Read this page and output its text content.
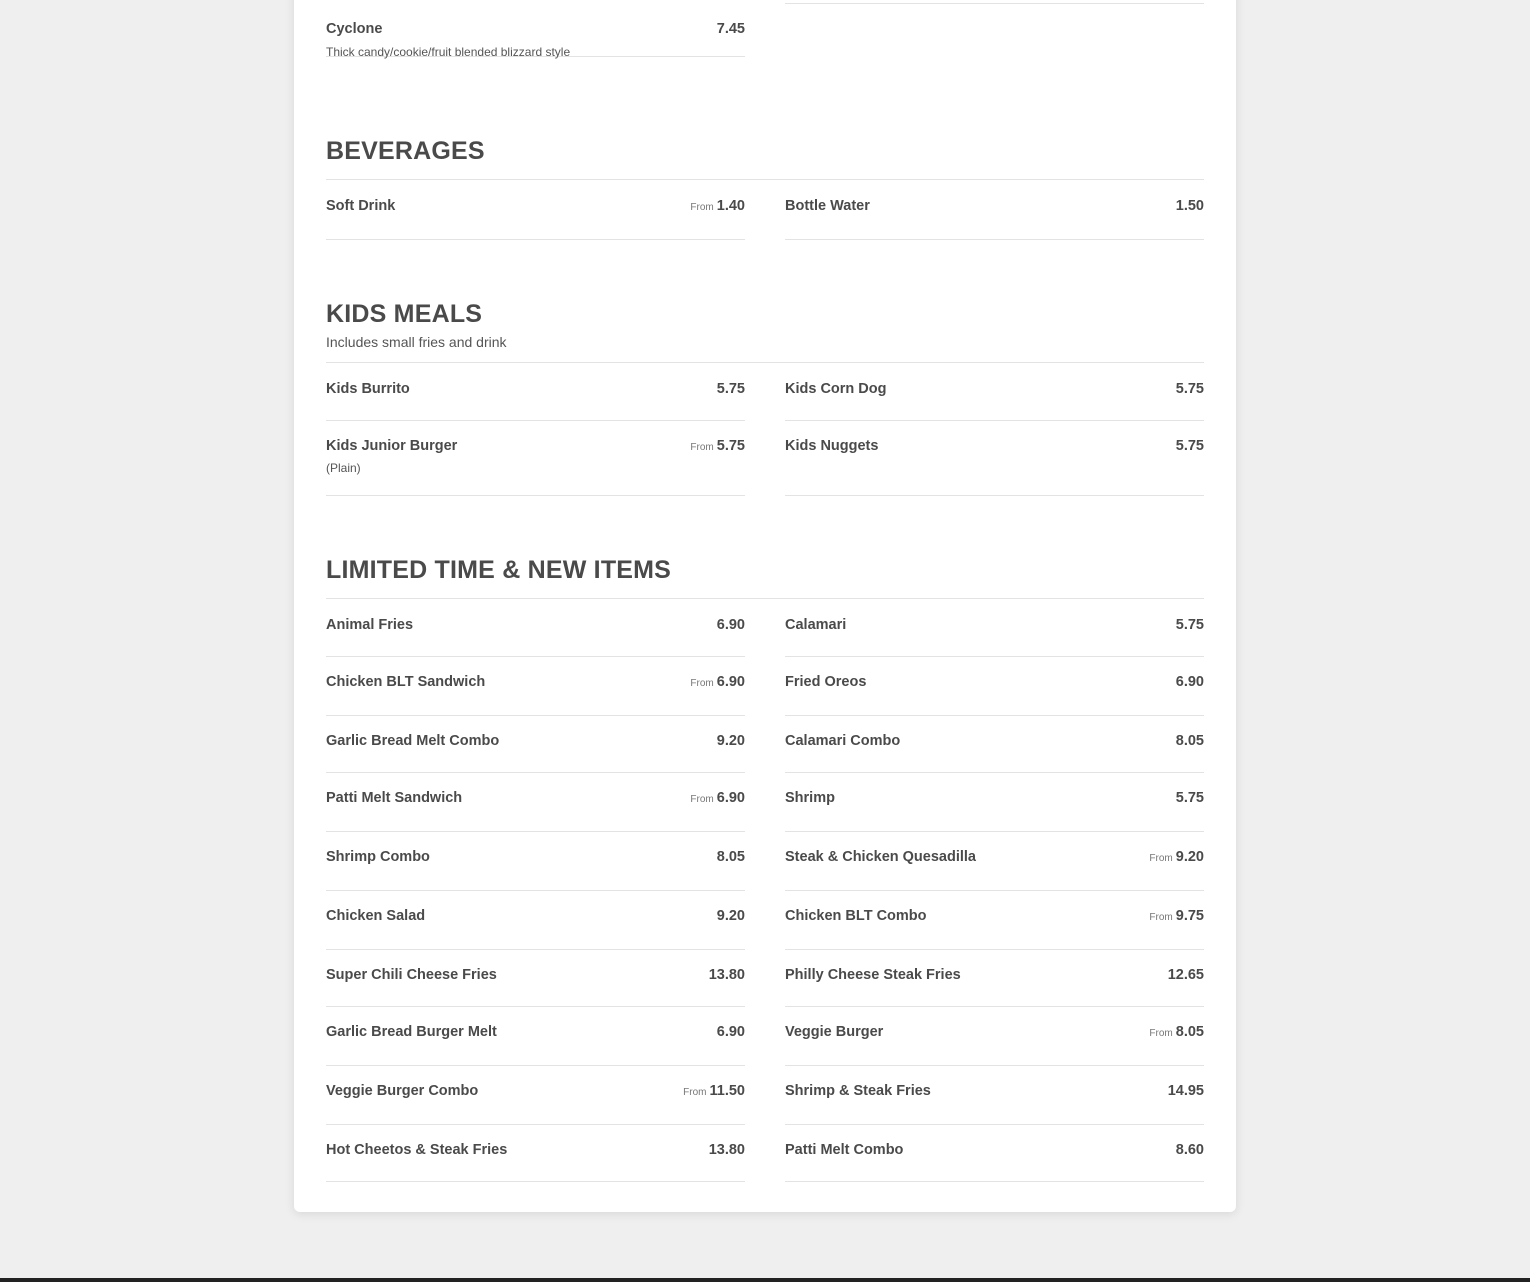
Cyclone	7.45
Thick candy/cookie/fruit blended blizzard style
BEVERAGES
Soft Drink	From 1.40	Bottle Water	1.50
KIDS MEALS
Includes small fries and drink
Kids Burrito	5.75	Kids Corn Dog	5.75
Kids Junior Burger	From 5.75
(Plain)
Kids Nuggets	5.75
LIMITED TIME & NEW ITEMS
Animal Fries	6.90	Calamari	5.75
Chicken BLT Sandwich	From 6.90	Fried Oreos	6.90
Garlic Bread Melt Combo	9.20	Calamari Combo	8.05
Patti Melt Sandwich	From 6.90	Shrimp	5.75
Shrimp Combo	8.05	Steak & Chicken Quesadilla	From 9.20
Chicken Salad	9.20	Chicken BLT Combo	From 9.75
Super Chili Cheese Fries	13.80	Philly Cheese Steak Fries	12.65
Garlic Bread Burger Melt	6.90	Veggie Burger	From 8.05
Veggie Burger Combo	From 11.50	Shrimp & Steak Fries	14.95
Hot Cheetos & Steak Fries	13.80	Patti Melt Combo	8.60
